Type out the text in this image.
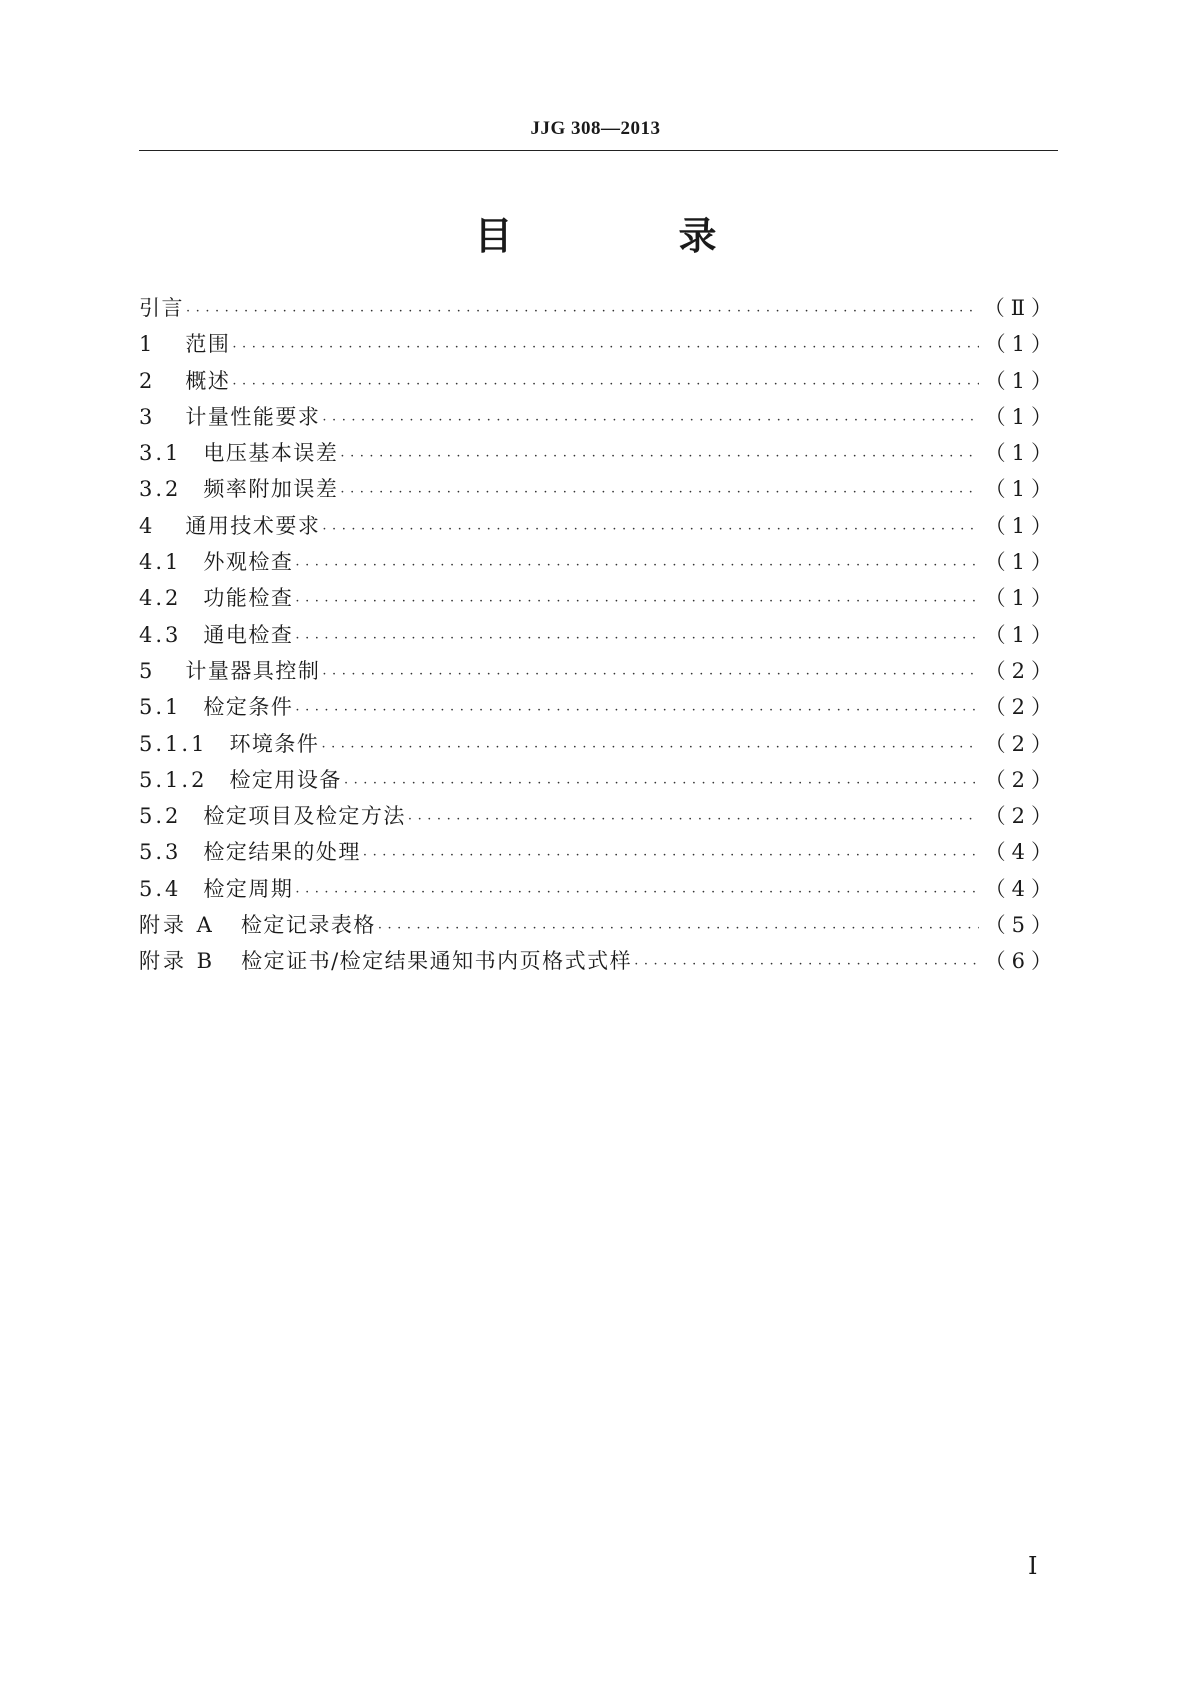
JJG 308—2013
目　录
引言 · · ·	（Ⅱ）
1 范围 · · ·	（1）
2 概述 · · ·	（1）
3 计量性能要求 · · ·	（1）
3.1 电压基本误差 · · ·	（1）
3.2 频率附加误差 · · ·	（1）
4 通用技术要求 · · ·	（1）
4.1 外观检查 · · ·	（1）
4.2 功能检查 · · ·	（1）
4.3 通电检查 · · ·	（1）
5 计量器具控制 · · ·	（2）
5.1 检定条件 · · ·	（2）
5.1.1 环境条件 · · ·	（2）
5.1.2 检定用设备 · · ·	（2）
5.2 检定项目及检定方法 · · ·	（2）
5.3 检定结果的处理 · · ·	（4）
5.4 检定周期 · · ·	（4）
附录 A 检定记录表格 · · ·	（5）
附录 B 检定证书/检定结果通知书内页格式式样 · · ·	（6）
Ⅰ
